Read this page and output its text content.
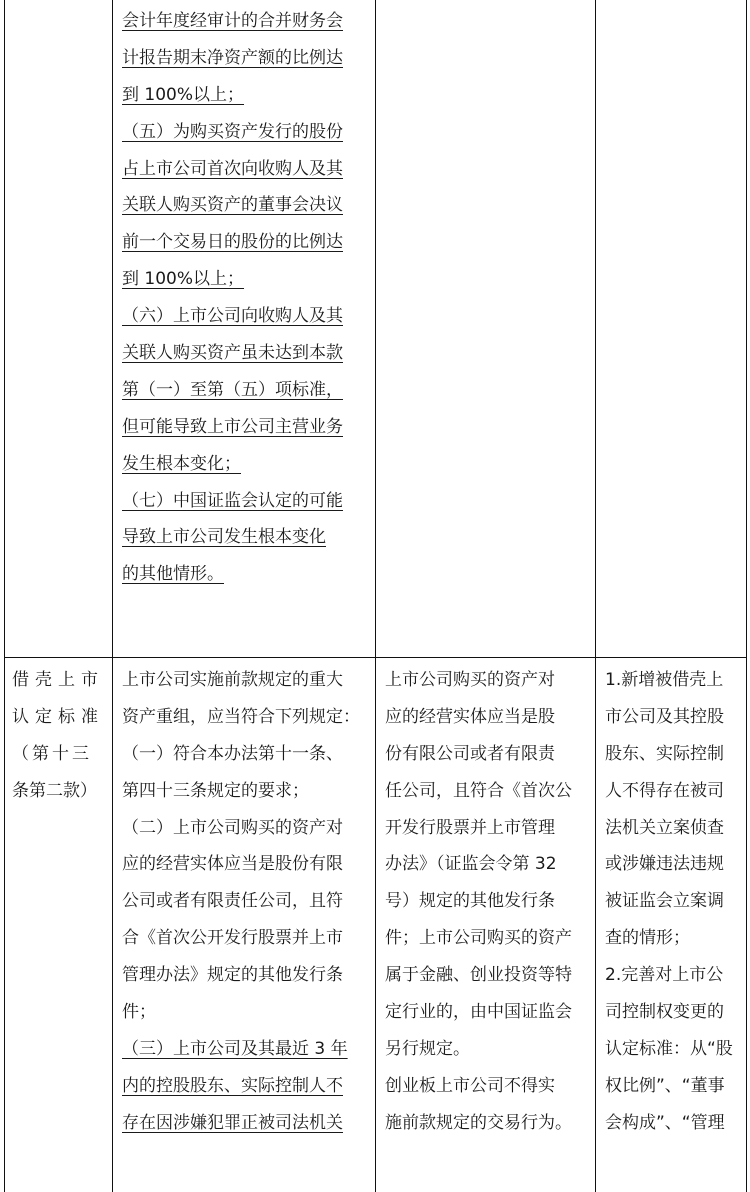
会计年度经审计的合并财务会
计报告期末净资产额的比例达
到 100%以上；
（五）为购买资产发行的股份
占上市公司首次向收购人及其
关联人购买资产的董事会决议
前一个交易日的股份的比例达
到 100%以上；
（六）上市公司向收购人及其
关联人购买资产虽未达到本款
第（一）至第（五）项标准，
但可能导致上市公司主营业务
发生根本变化；
（七）中国证监会认定的可能
导致上市公司发生根本变化
的其他情形。
借壳上市
认定标准
（第十三
条第二款）
上市公司实施前款规定的重大
资产重组，应当符合下列规定：
（一）符合本办法第十一条、
第四十三条规定的要求；
（二）上市公司购买的资产对
应的经营实体应当是股份有限
公司或者有限责任公司，且符
合《首次公开发行股票并上市
管理办法》规定的其他发行条
件；
（三）上市公司及其最近 3 年
内的控股股东、实际控制人不
存在因涉嫌犯罪正被司法机关
上市公司购买的资产对
应的经营实体应当是股
份有限公司或者有限责
任公司，且符合《首次公
开发行股票并上市管理
办法》（证监会令第 32
号）规定的其他发行条
件；上市公司购买的资产
属于金融、创业投资等特
定行业的，由中国证监会
另行规定。
创业板上市公司不得实
施前款规定的交易行为。
1.新增被借壳上
市公司及其控股
股东、实际控制
人不得存在被司
法机关立案侦查
或涉嫌违法违规
被证监会立案调
查的情形；
2.完善对上市公
司控制权变更的
认定标准：从“股
权比例”、“董事
会构成”、“管理
